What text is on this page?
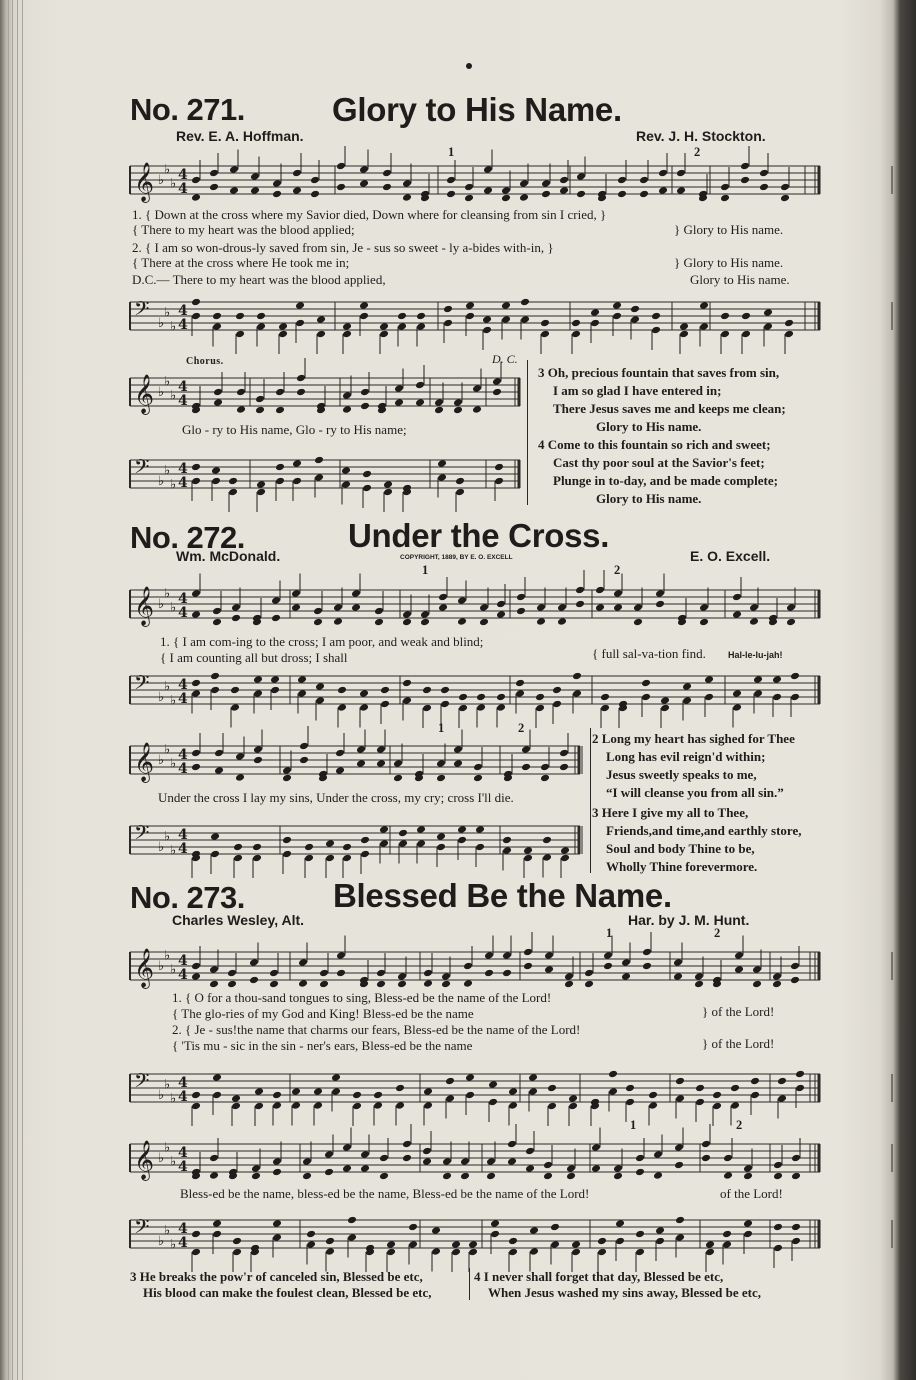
No. 271.	Glory to His Name.
Rev. E. A. Hoffman.	Rev. J. H. Stockton.
𝄞 ♭
♭
♭
4
4
1	2
1. { Down at the cross where my Savior died, Down where for cleansing from sin I cried, }
{ There to my heart was the blood applied;
2. { I am so won-drous-ly saved from sin, Je - sus so sweet - ly a-bides with-in, }
{ There at the cross where He took me in;
D.C.— There to my heart was the blood applied,
} Glory to His name.
} Glory to His name.
Glory to His name.
𝄢 ♭
♭
♭
4
4
Chorus.	D. C.
𝄞 ♭
♭
♭
4
4
Glo - ry to His name, Glo - ry to His name;
𝄢 ♭
♭
♭
4
4
3 Oh, precious fountain that saves from sin,
I am so glad I have entered in;
There Jesus saves me and keeps me clean;
Glory to His name.
4 Come to this fountain so rich and sweet;
Cast thy poor soul at the Savior's feet;
Plunge in to-day, and be made complete;
Glory to His name.
No. 272.	Under the Cross.
Wm. McDonald.	COPYRIGHT, 1889, BY E. O. EXCELL	E. O. Excell.
𝄞 ♭
♭
♭
4
4
1	2
1. { I am com-ing to the cross; I am poor, and weak and blind;
{ I am counting all but dross; I shall	{ full sal-va-tion find. Hal-le-lu-jah!
𝄢 ♭
♭
♭
4
4
𝄞 ♭
♭
♭
4
4
1	2
Under the cross I lay my sins, Under the cross, my cry; cross I'll die.
𝄢 ♭
♭
♭
4
4
2 Long my heart has sighed for Thee
Long has evil reign'd within;
Jesus sweetly speaks to me,
“I will cleanse you from all sin.”
3 Here I give my all to Thee,
Friends,and time,and earthly store,
Soul and body Thine to be,
Wholly Thine forevermore.
No. 273.	Blessed Be the Name.
Charles Wesley, Alt.	Har. by J. M. Hunt.
𝄞 ♭
♭
♭
4
4
1	2
1. { O for a thou-sand tongues to sing, Bless-ed be the name of the Lord!
{ The glo-ries of my God and King! Bless-ed be the name
2. { Je - sus!the name that charms our fears, Bless-ed be the name of the Lord!
{ 'Tis mu - sic in the sin - ner's ears, Bless-ed be the name
} of the Lord!
} of the Lord!
𝄢 ♭
♭
♭
4
4
𝄞 ♭
♭
♭
4
4
1	2
Bless-ed be the name, bless-ed be the name, Bless-ed be the name of the Lord!	of the Lord!
𝄢 ♭
♭
♭
4
4
3 He breaks the pow'r of canceled sin, Blessed be etc,
His blood can make the foulest clean, Blessed be etc,
4 I never shall forget that day, Blessed be etc,
When Jesus washed my sins away, Blessed be etc,
